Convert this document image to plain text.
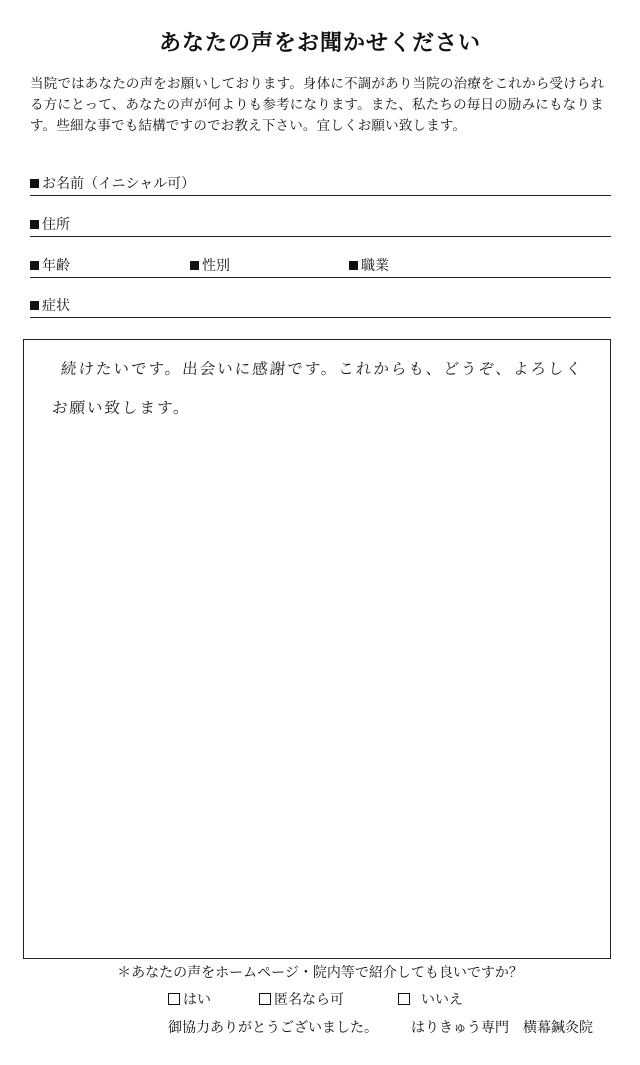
あなたの声をお聞かせください
当院ではあなたの声をお願いしております。身体に不調があり当院の治療をこれから受けられる方にとって、あなたの声が何よりも参考になります。また、私たちの毎日の励みにもなります。些細な事でも結構ですのでお教え下さい。宜しくお願い致します。
お名前（イニシャル可）
住所
年齢	性別	職業
症状
続けたいです。出会いに感謝です。これからも、どうぞ、よろしく
お願い致します。
＊あなたの声をホームページ・院内等で紹介しても良いですか？
はい	匿名なら可	いいえ
御協力ありがとうございました。 はりきゅう専門　横幕鍼灸院
